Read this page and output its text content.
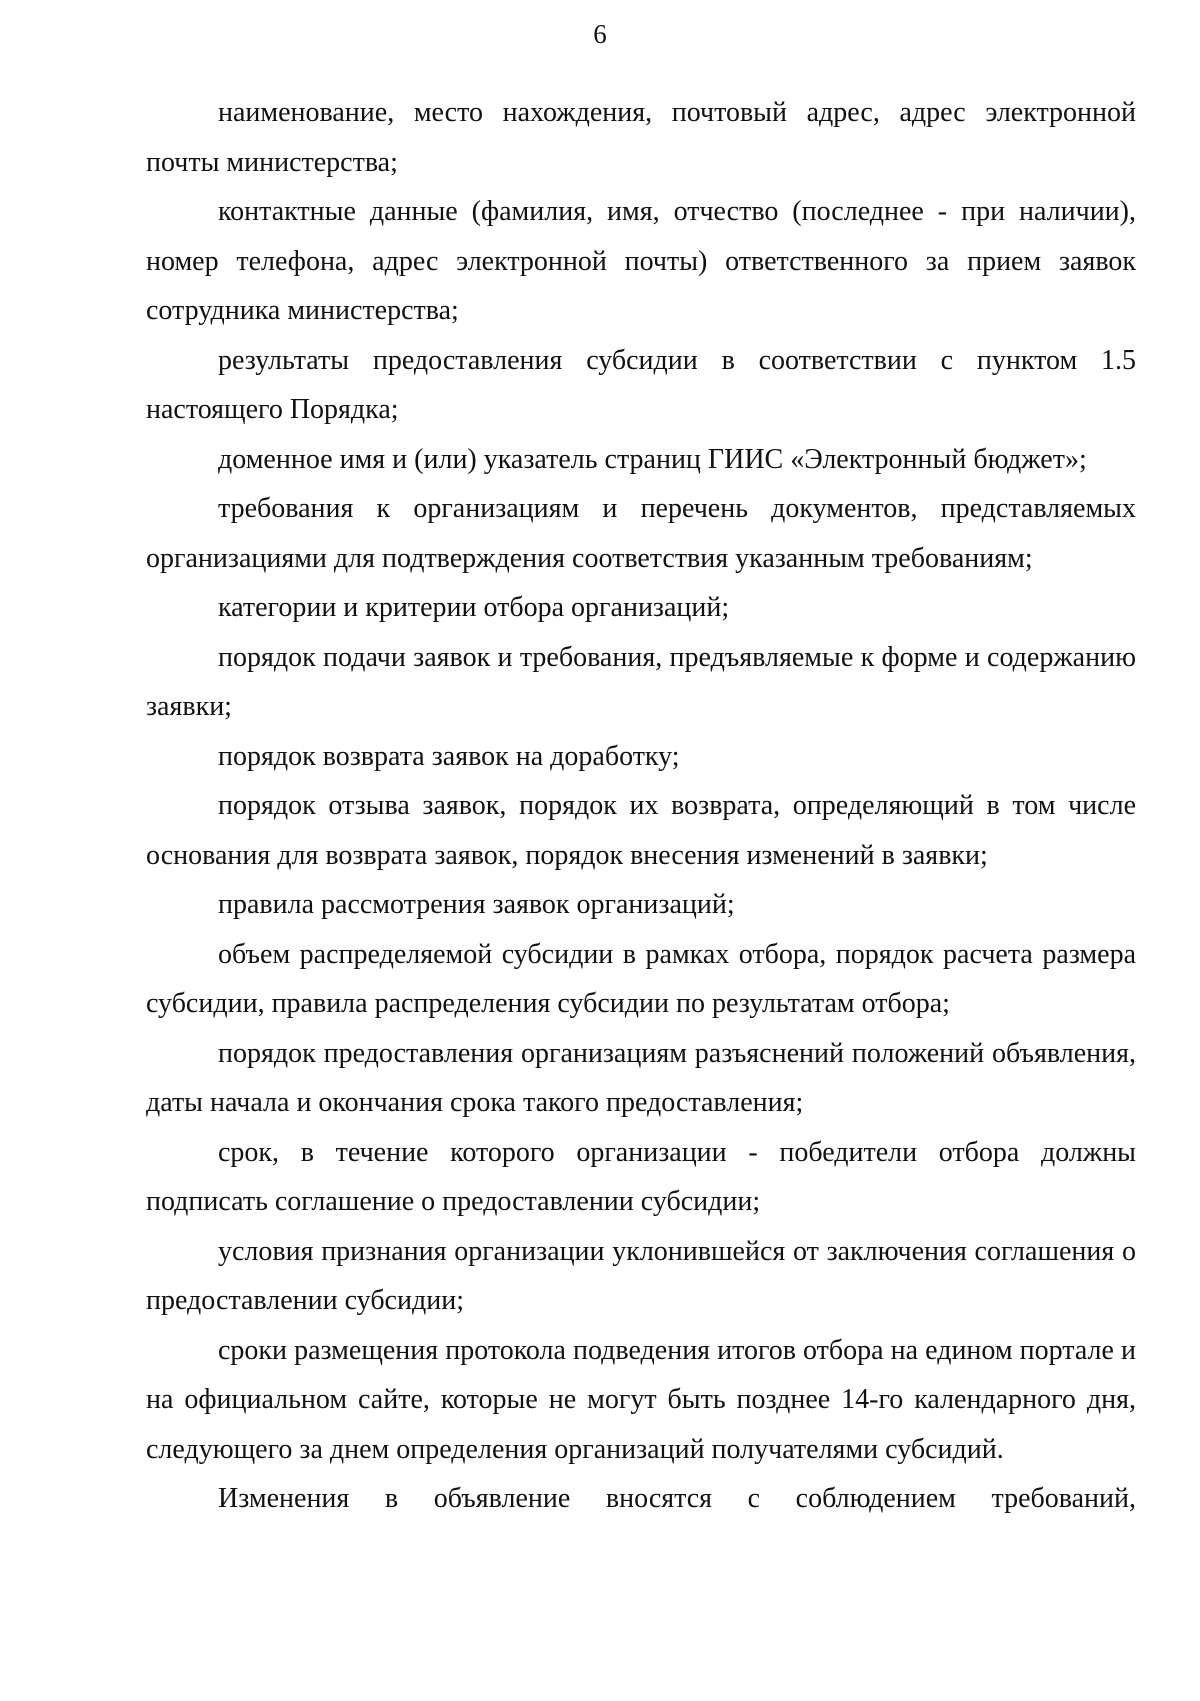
6

наименование, место нахождения, почтовый адрес, адрес электронной почты министерства;

контактные данные (фамилия, имя, отчество (последнее - при наличии), номер телефона, адрес электронной почты) ответственного за прием заявок сотрудника министерства;

результаты предоставления субсидии в соответствии с пунктом 1.5 настоящего Порядка;

доменное имя и (или) указатель страниц ГИИС «Электронный бюджет»;

требования к организациям и перечень документов, представляемых организациями для подтверждения соответствия указанным требованиям;

категории и критерии отбора организаций;

порядок подачи заявок и требования, предъявляемые к форме и содержанию заявки;

порядок возврата заявок на доработку;

порядок отзыва заявок, порядок их возврата, определяющий в том числе основания для возврата заявок, порядок внесения изменений в заявки;

правила рассмотрения заявок организаций;

объем распределяемой субсидии в рамках отбора, порядок расчета размера субсидии, правила распределения субсидии по результатам отбора;

порядок предоставления организациям разъяснений положений объявления, даты начала и окончания срока такого предоставления;

срок, в течение которого организации - победители отбора должны подписать соглашение о предоставлении субсидии;

условия признания организации уклонившейся от заключения соглашения о предоставлении субсидии;

сроки размещения протокола подведения итогов отбора на едином портале и на официальном сайте, которые не могут быть позднее 14-го календарного дня, следующего за днем определения организаций получателями субсидий.

Изменения в объявление вносятся с соблюдением требований,
